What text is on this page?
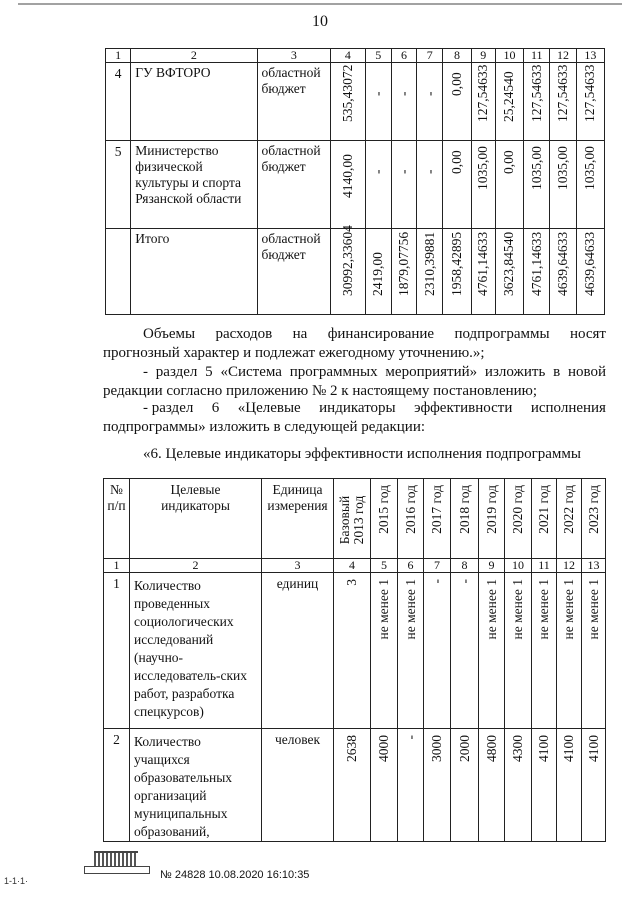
10
1	2	3	4	5	6	7	8	9	10	11	12	13
4	ГУ ВФТОРО	областной бюджет	535,43072	-	-	-	0,00	127,54633	25,24540	127,54633	127,54633	127,54633

5	Министерство физической культуры и спорта Рязанской области	областной бюджет	4140,00	-	-	-	0,00	1035,00	0,00	1035,00	1035,00	1035,00

	Итого	областной бюджет	30992,33604	2419,00	1879,07756	2310,39881	1958,42895	4761,14633	3623,84540	4761,14633	4639,64633	4639,64633
Объемы расходов на финансирование подпрограммы носят
прогнозный характер и подлежат ежегодному уточнению.»;
- раздел 5 «Система программных мероприятий» изложить в новой
редакции согласно приложению № 2 к настоящему постановлению;
- раздел 6 «Целевые индикаторы эффективности исполнения
подпрограммы» изложить в следующей редакции:
«6. Целевые индикаторы эффективности исполнения подпрограммы
№ п/п	Целевые индикаторы	Единица измерения	Базовый 2013 год	2015 год	2016 год	2017 год	2018 год	2019 год	2020 год	2021 год	2022 год	2023 год

1	2	3	4	5	6	7	8	9	10	11	12	13
1	Количество проведенных социологических исследований (научно-исследователь-ских работ, разработка спецкурсов)	единиц	3	не менее 1	не менее 1	-	-	не менее 1	не менее 1	не менее 1	не менее 1	не менее 1

2	Количество учащихся образовательных организаций муниципальных образований,	человек	2638	4000	-	3000	2000	4800	4300	4100	4100	4100
№ 24828 10.08.2020 16:10:35
1-1·1·
